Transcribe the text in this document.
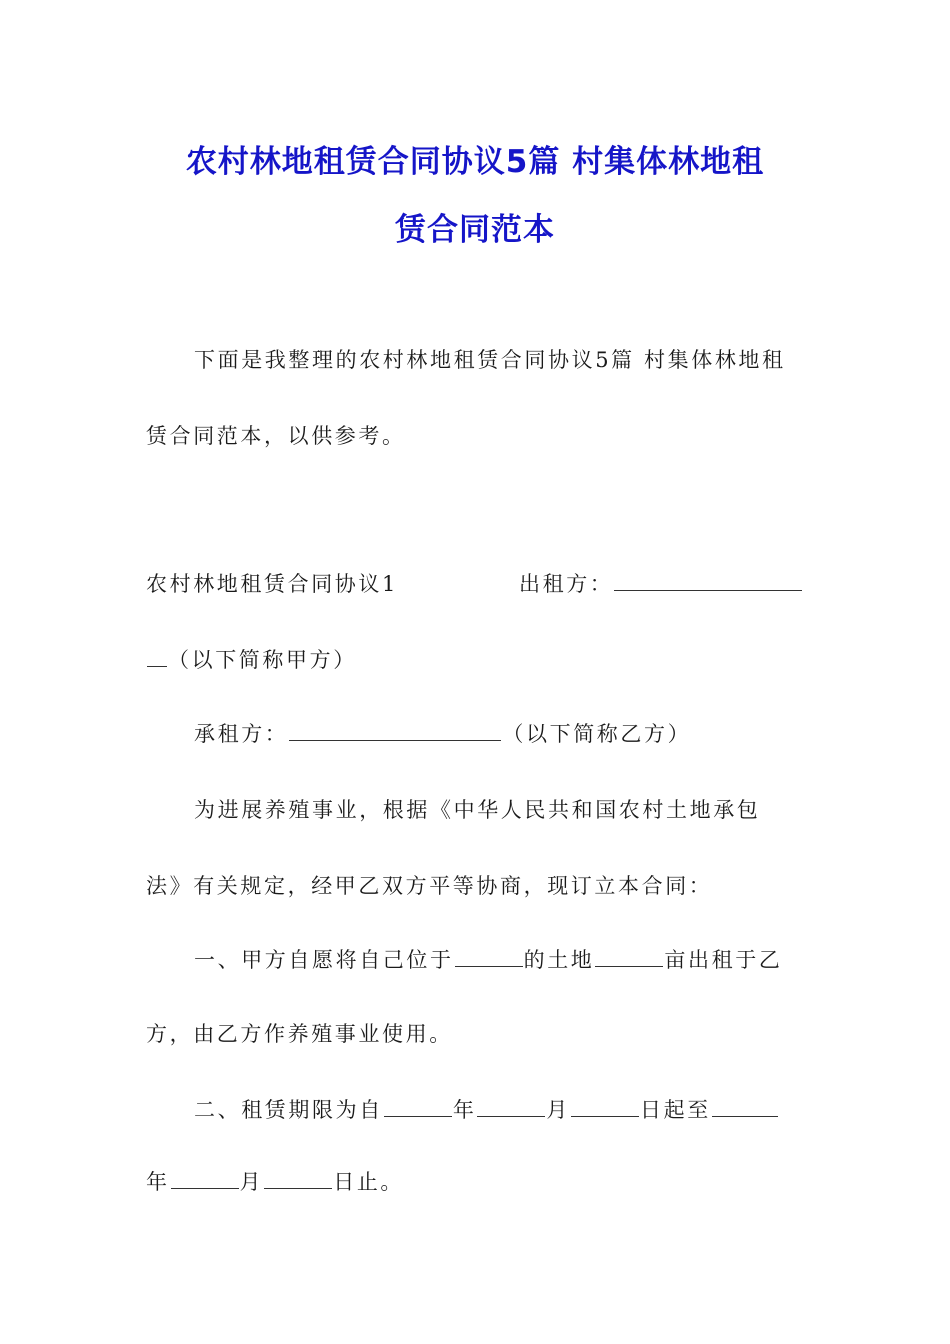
农村林地租赁合同协议5篇 村集体林地租
赁合同范本
下面是我整理的农村林地租赁合同协议5篇 村集体林地租
赁合同范本，以供参考。
农村林地租赁合同协议1	出租方：
（以下简称甲方）
承租方：	（以下简称乙方）
为进展养殖事业，根据《中华人民共和国农村土地承包
法》有关规定，经甲乙双方平等协商，现订立本合同：
一、甲方自愿将自己位于	的土地	亩出租于乙
方，由乙方作养殖事业使用。
二、租赁期限为自	年	月	日起至
年	月	日止。
